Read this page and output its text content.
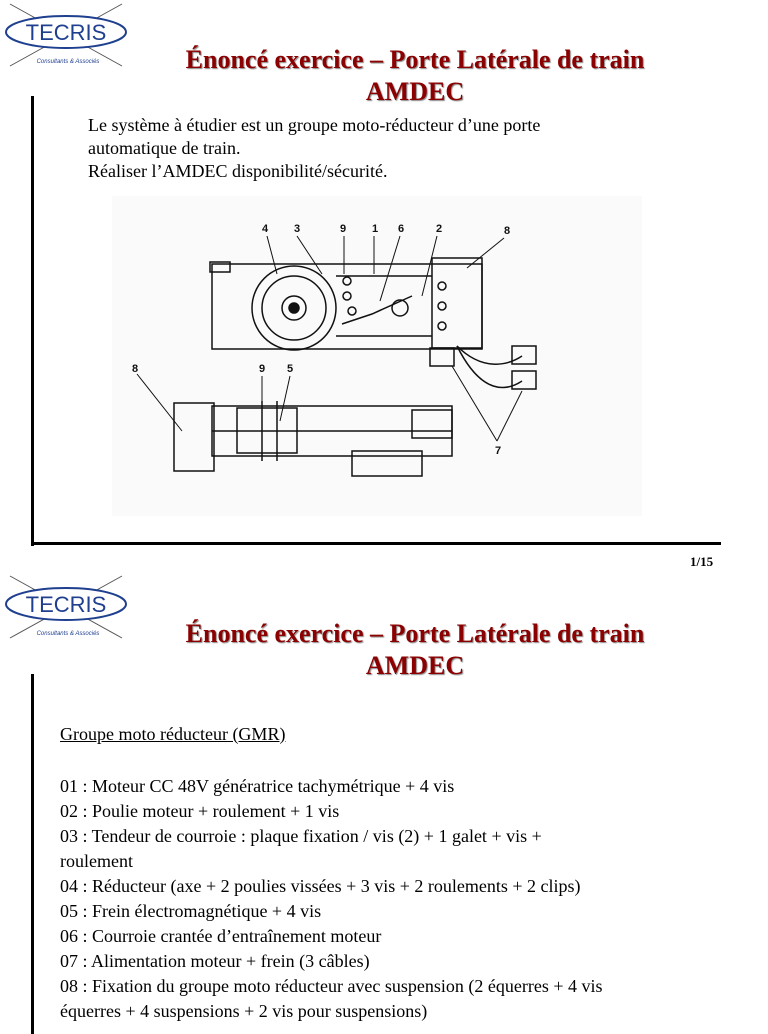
TECRIS
Consultants & Associés	Énoncé exercice – Porte Latérale de train
AMDEC
Le système à étudier est un groupe moto-réducteur d’une porte
automatique de train.
Réaliser l’AMDEC disponibilité/sécurité.
4 3	9 1 6	2	8
8	9 5
7
1/15
TECRIS
Consultants & Associés	Énoncé exercice – Porte Latérale de train
AMDEC
Groupe moto réducteur (GMR)
01 : Moteur CC 48V génératrice tachymétrique + 4 vis
02 : Poulie moteur + roulement + 1 vis
03 : Tendeur de courroie : plaque fixation / vis (2) + 1 galet + vis +
roulement
04 : Réducteur (axe + 2 poulies vissées + 3 vis + 2 roulements + 2 clips)
05 : Frein électromagnétique + 4 vis
06 : Courroie crantée d’entraînement moteur
07 : Alimentation moteur + frein (3 câbles)
08 : Fixation du groupe moto réducteur avec suspension (2 équerres + 4 vis
équerres + 4 suspensions + 2 vis pour suspensions)
